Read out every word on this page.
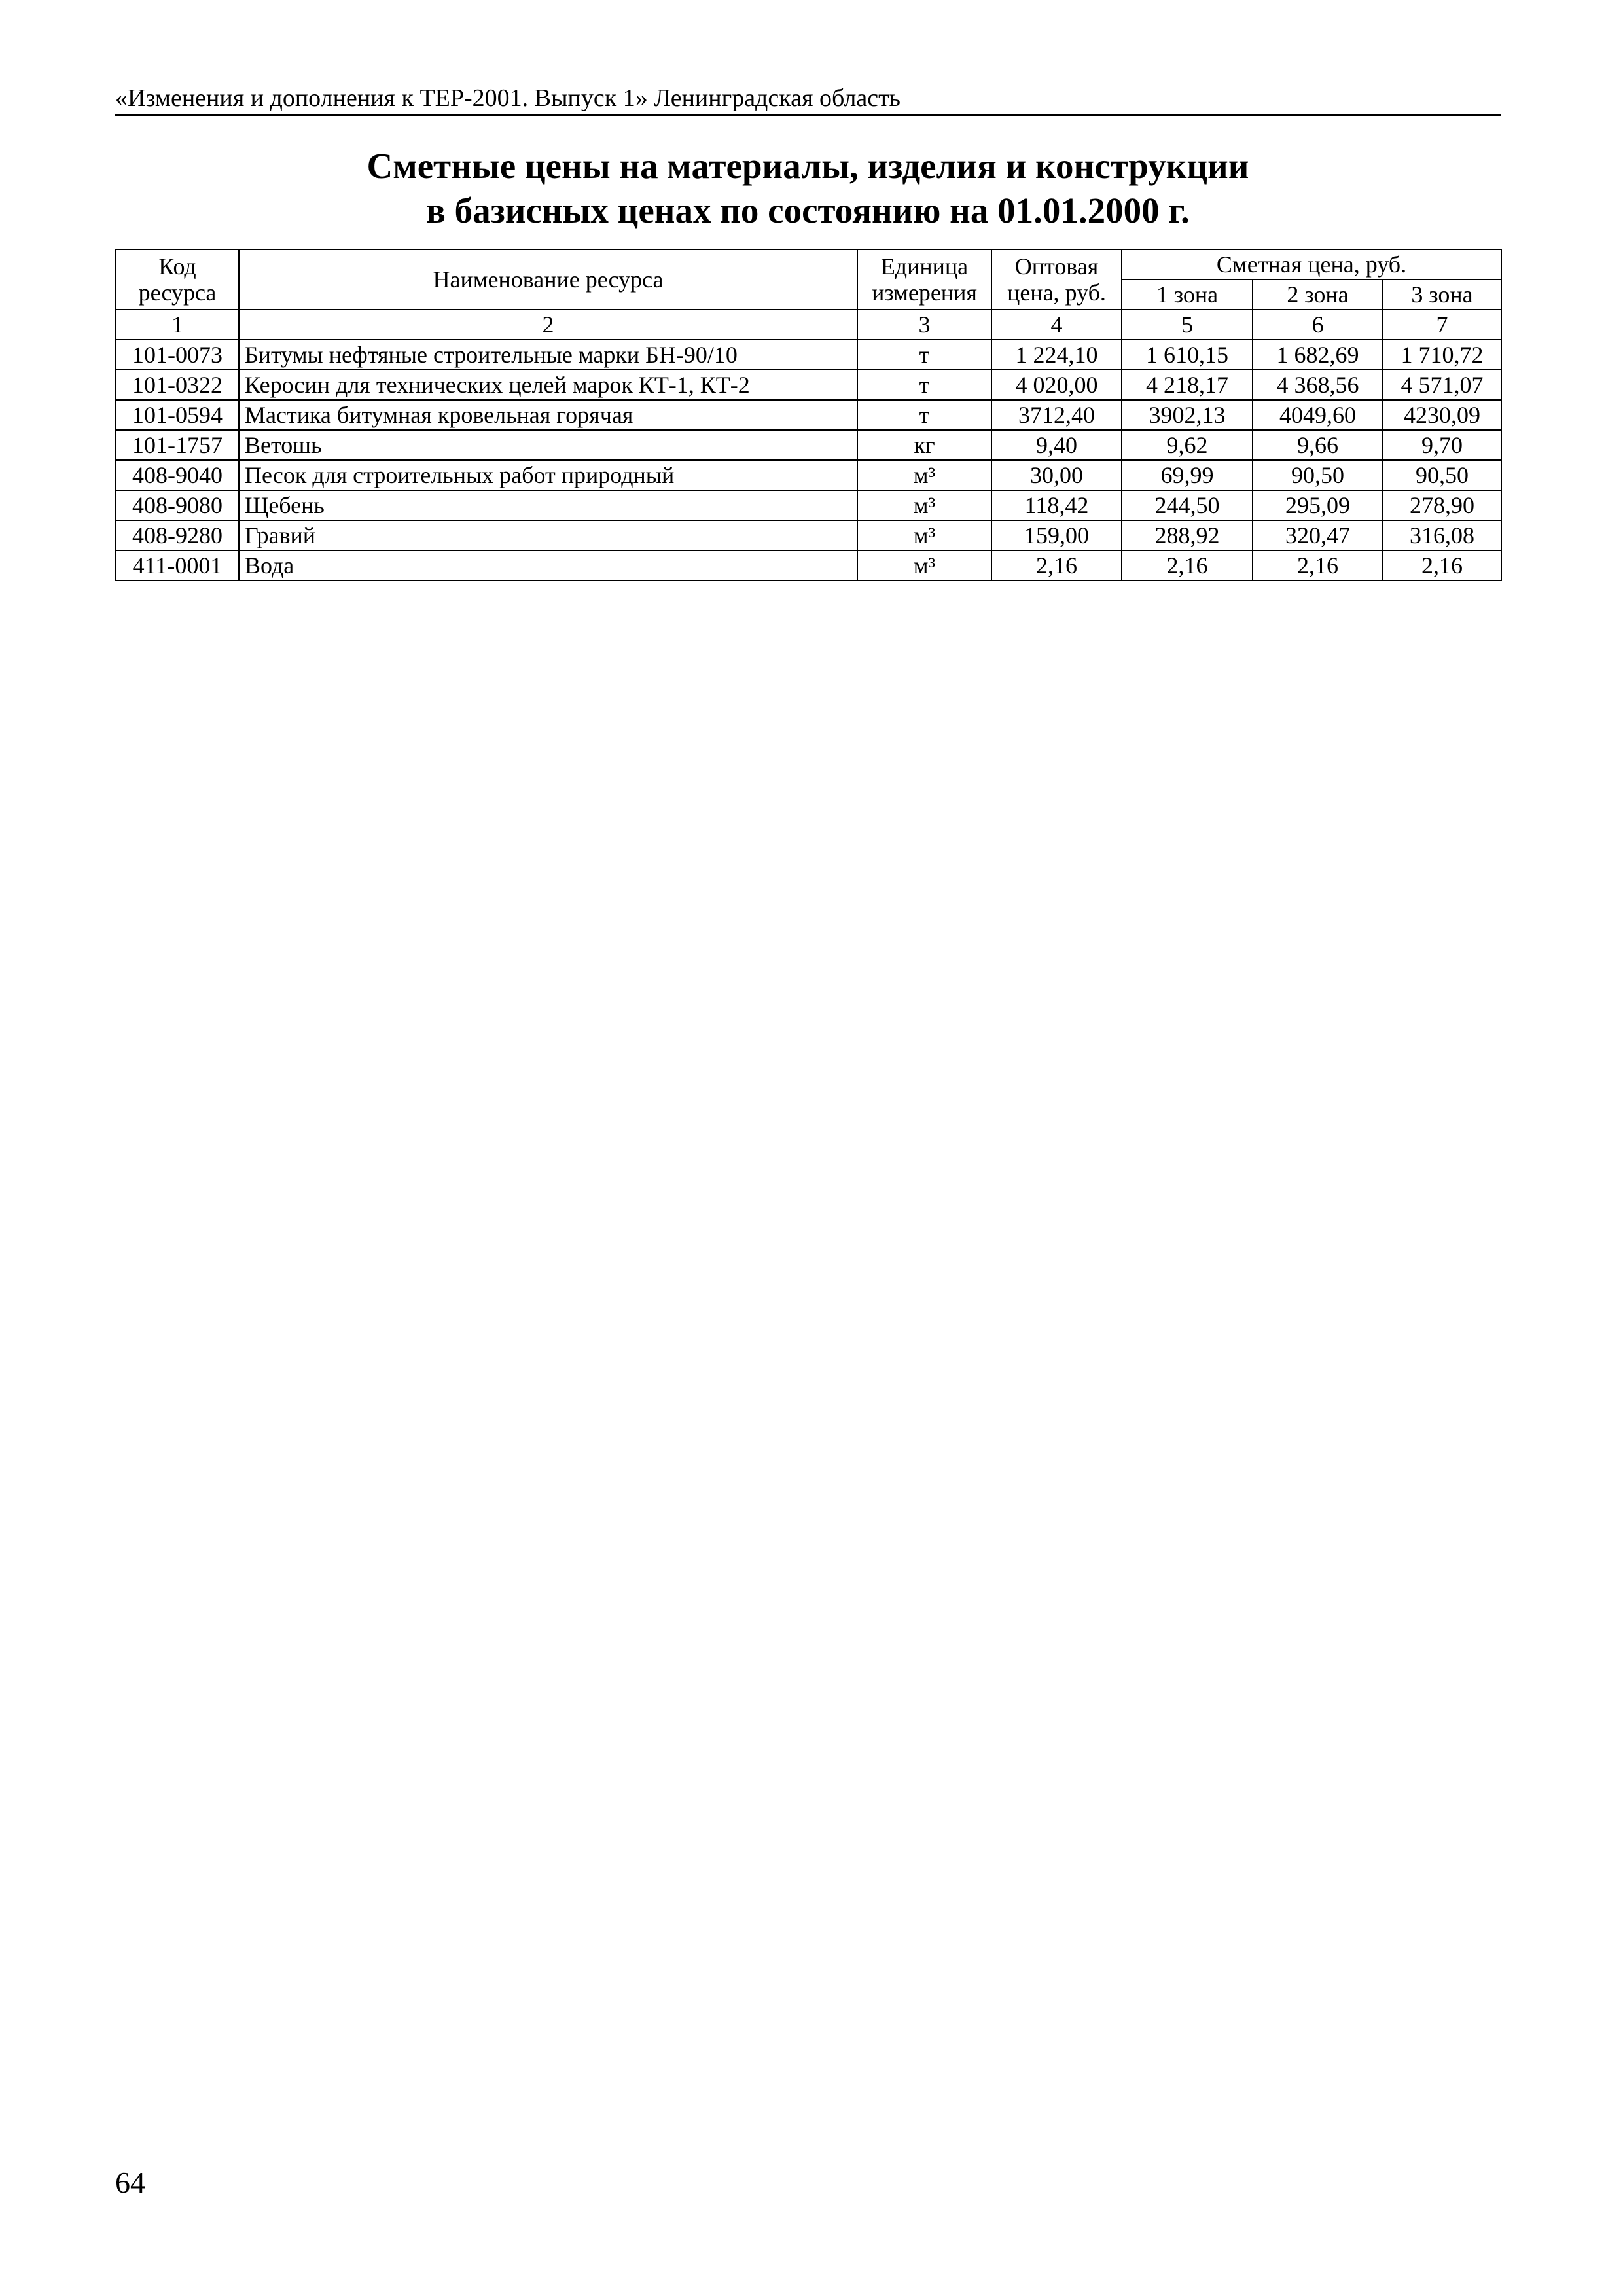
«Изменения и дополнения к ТЕР-2001. Выпуск 1» Ленинградская область
Сметные цены на материалы, изделия и конструкции
в базисных ценах по состоянию на 01.01.2000 г.
Код ресурса	Наименование ресурса	Единица измерения	Оптовая цена, руб.	Сметная цена, руб.		
				1 зона	2 зона	3 зона
1	2	3	4	5	6	7
101-0073	Битумы нефтяные строительные марки БН-90/10	т	1 224,10	1 610,15	1 682,69	1 710,72
101-0322	Керосин для технических целей марок КТ-1, КТ-2	т	4 020,00	4 218,17	4 368,56	4 571,07
101-0594	Мастика битумная кровельная горячая	т	3712,40	3902,13	4049,60	4230,09
101-1757	Ветошь	кг	9,40	9,62	9,66	9,70
408-9040	Песок для строительных работ природный	м³	30,00	69,99	90,50	90,50
408-9080	Щебень	м³	118,42	244,50	295,09	278,90
408-9280	Гравий	м³	159,00	288,92	320,47	316,08
411-0001	Вода	м³	2,16	2,16	2,16	2,16
64
